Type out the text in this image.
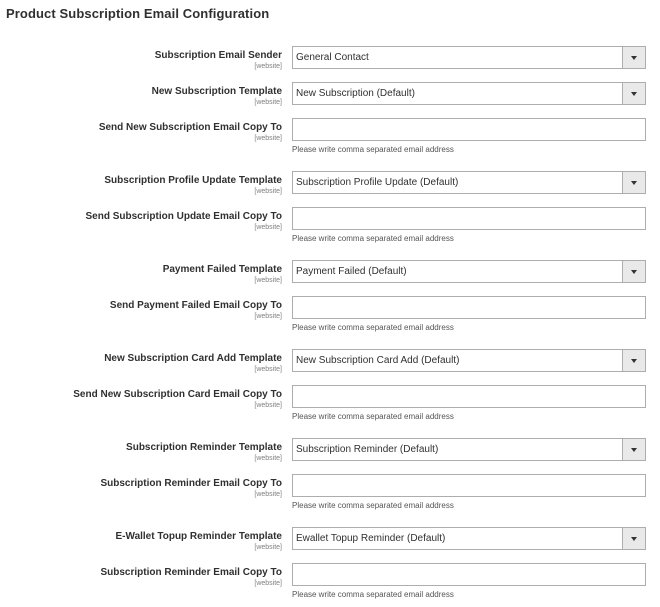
Product Subscription Email Configuration
Subscription Email Sender
[website]
General Contact
New Subscription Template
[website]
New Subscription (Default)
Send New Subscription Email Copy To
[website]
Please write comma separated email address
Subscription Profile Update Template
[website]
Subscription Profile Update (Default)
Send Subscription Update Email Copy To
[website]
Please write comma separated email address
Payment Failed Template
[website]
Payment Failed (Default)
Send Payment Failed Email Copy To
[website]
Please write comma separated email address
New Subscription Card Add Template
[website]
New Subscription Card Add (Default)
Send New Subscription Card Email Copy To
[website]
Please write comma separated email address
Subscription Reminder Template
[website]
Subscription Reminder (Default)
Subscription Reminder Email Copy To
[website]
Please write comma separated email address
E-Wallet Topup Reminder Template
[website]
Ewallet Topup Reminder (Default)
Subscription Reminder Email Copy To
[website]
Please write comma separated email address
